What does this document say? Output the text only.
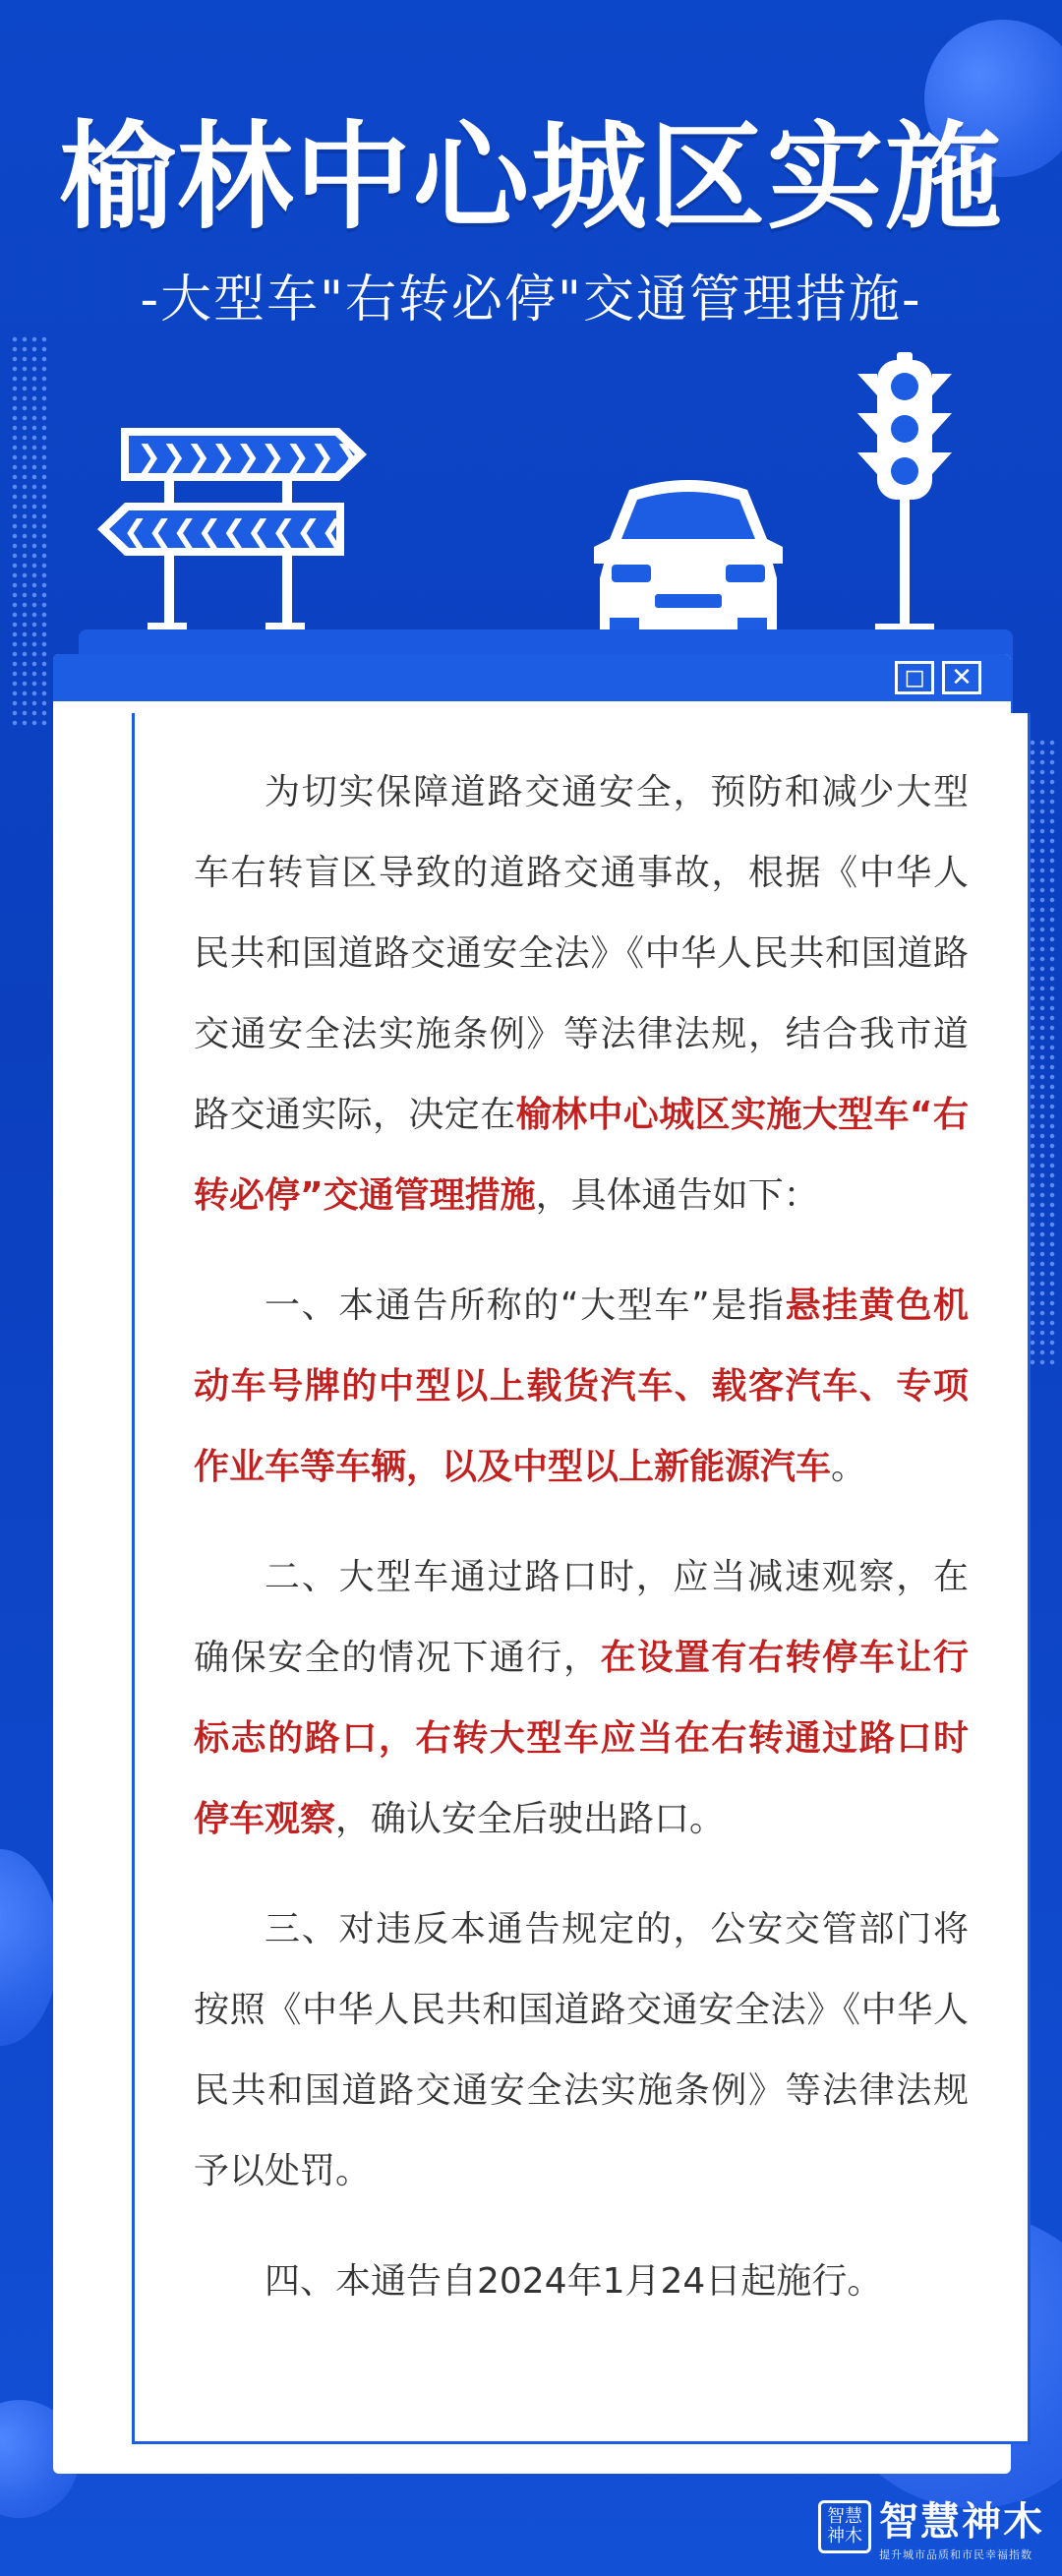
榆林中心城区实施
-大型车"右转必停"交通管理措施-
❯❯❯❯❯❯❯❯❯
❮❮❮❮❮❮❮❮❮
◻	✕

为切实保障道路交通安全，预防和减少大型车右转盲区导致的道路交通事故，根据《中华人民共和国道路交通安全法》《中华人民共和国道路交通安全法实施条例》等法律法规，结合我市道路交通实际，决定在榆林中心城区实施大型车“右转必停”交通管理措施，具体通告如下：

一、本通告所称的“大型车”是指悬挂黄色机动车号牌的中型以上载货汽车、载客汽车、专项作业车等车辆，以及中型以上新能源汽车。

二、大型车通过路口时，应当减速观察，在确保安全的情况下通行，在设置有右转停车让行标志的路口，右转大型车应当在右转通过路口时停车观察，确认安全后驶出路口。

三、对违反本通告规定的，公安交管部门将按照《中华人民共和国道路交通安全法》《中华人民共和国道路交通安全法实施条例》等法律法规予以处罚。

四、本通告自2024年1月24日起施行。

智慧神木 智慧神木
提升城市品质和市民幸福指数
